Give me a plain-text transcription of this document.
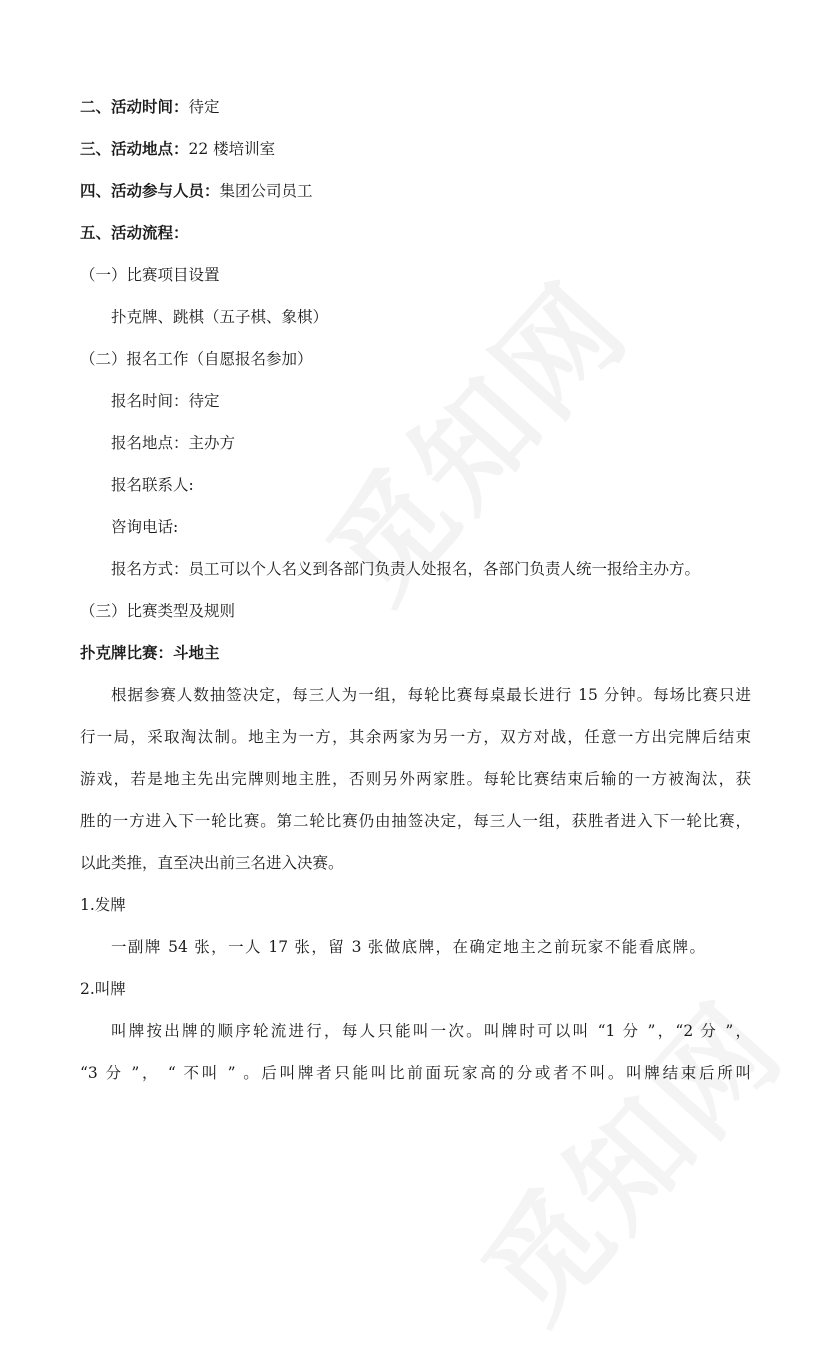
二、活动时间：待定
三、活动地点：22 楼培训室
四、活动参与人员：集团公司员工
五、活动流程：
（一）比赛项目设置
扑克牌、跳棋（五子棋、象棋）
（二）报名工作（自愿报名参加）
报名时间：待定
报名地点：主办方
报名联系人:
咨询电话:
报名方式：员工可以个人名义到各部门负责人处报名，各部门负责人统一报给主办方。
（三）比赛类型及规则
扑克牌比赛：斗地主
根据参赛人数抽签决定，每三人为一组，每轮比赛每桌最长进行 15 分钟。每场比赛只进
行一局，采取淘汰制。地主为一方，其余两家为另一方，双方对战，任意一方出完牌后结束
游戏，若是地主先出完牌则地主胜，否则另外两家胜。每轮比赛结束后输的一方被淘汰，获
胜的一方进入下一轮比赛。第二轮比赛仍由抽签决定，每三人一组，获胜者进入下一轮比赛，
以此类推，直至决出前三名进入决赛。
1.发牌
一副牌 54 张，一人 17 张，留 3 张做底牌，在确定地主之前玩家不能看底牌。
2.叫牌
叫牌按出牌的顺序轮流进行，每人只能叫一次。叫牌时可以叫 “1 分 ”，“2 分 ”，
“3 分 ”， “ 不叫 ” 。后叫牌者只能叫比前面玩家高的分或者不叫。叫牌结束后所叫
